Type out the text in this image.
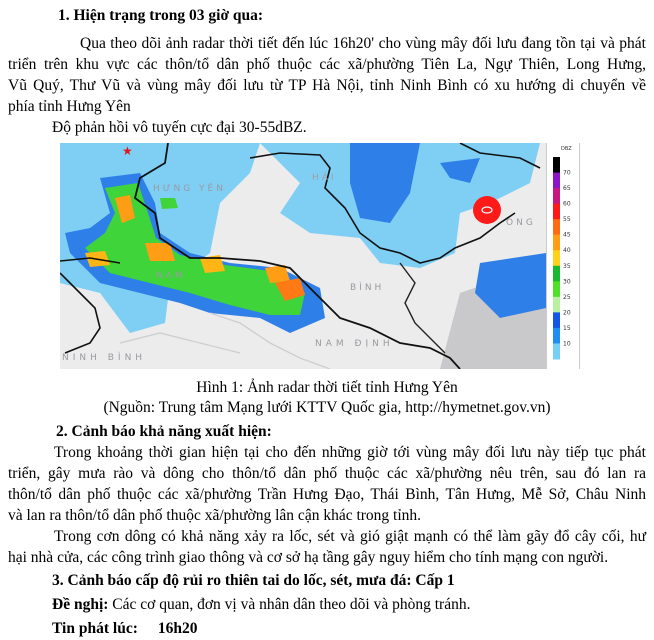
1. Hiện trạng trong 03 giờ qua:
Qua theo dõi ảnh radar thời tiết đến lúc 16h20' cho vùng mây đối lưu đang tồn tại và phát
triển trên khu vực các thôn/tổ dân phố thuộc các xã/phường Tiên La, Ngự Thiên, Long Hưng,
Vũ Quý, Thư Vũ và vùng mây đối lưu từ TP Hà Nội, tỉnh Ninh Bình có xu hướng di chuyển về
phía tỉnh Hưng Yên
Độ phản hồi vô tuyến cực đại 30-55dBZ.
★
HƯNG YÊN
HẢI
NAM
BÌNH
NAM ĐỊNH
NINH BÌNH
ONG
DBZ
70
65
60
55
45
40
35
30
25
20
15
10
Hình 1: Ảnh radar thời tiết tỉnh Hưng Yên
(Nguồn: Trung tâm Mạng lưới KTTV Quốc gia, http://hymetnet.gov.vn)
2. Cảnh báo khả năng xuất hiện:
Trong khoảng thời gian hiện tại cho đến những giờ tới vùng mây đối lưu này tiếp tục phát
triển, gây mưa rào và dông cho thôn/tổ dân phố thuộc các xã/phường nêu trên, sau đó lan ra
thôn/tổ dân phố thuộc các xã/phường Trần Hưng Đạo, Thái Bình, Tân Hưng, Mễ Sở, Châu Ninh
và lan ra thôn/tổ dân phố thuộc xã/phường lân cận khác trong tỉnh.
Trong cơn dông có khả năng xảy ra lốc, sét và gió giật mạnh có thể làm gãy đổ cây cối, hư
hại nhà cửa, các công trình giao thông và cơ sở hạ tầng gây nguy hiểm cho tính mạng con người.
3. Cảnh báo cấp độ rủi ro thiên tai do lốc, sét, mưa đá: Cấp 1
Đề nghị: Các cơ quan, đơn vị và nhân dân theo dõi và phòng tránh.
Tin phát lúc: 16h20
